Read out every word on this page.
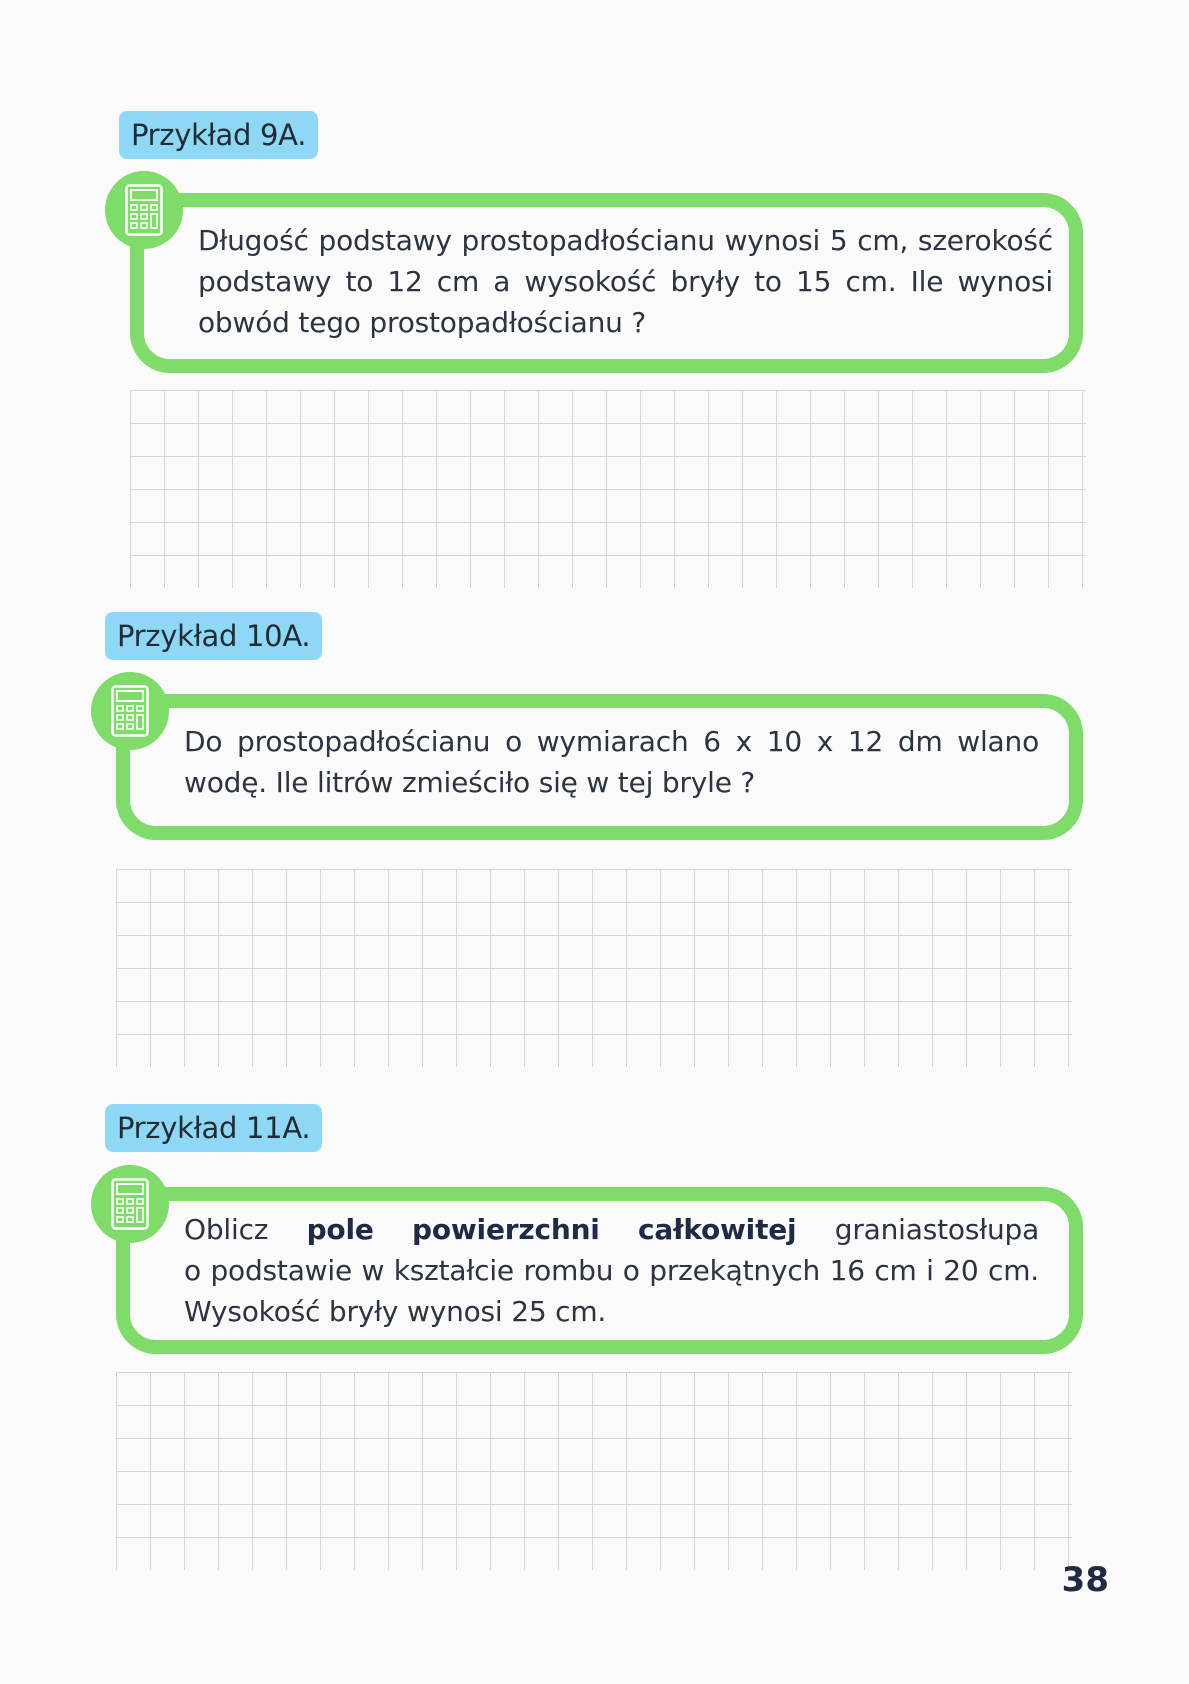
Przykład 9A.

Długość podstawy prostopadłościanu wynosi 5 cm, szerokość

podstawy to 12 cm a wysokość bryły to 15 cm. Ile wynosi

obwód tego prostopadłościanu ?

Przykład 10A.

Do prostopadłościanu o wymiarach 6 x 10 x 12 dm wlano

wodę. Ile litrów zmieściło się w tej bryle ?

Przykład 11A.

Oblicz pole powierzchni całkowitej graniastosłupa

o podstawie w kształcie rombu o przekątnych 16 cm i 20 cm.

Wysokość bryły wynosi 25 cm.

38
